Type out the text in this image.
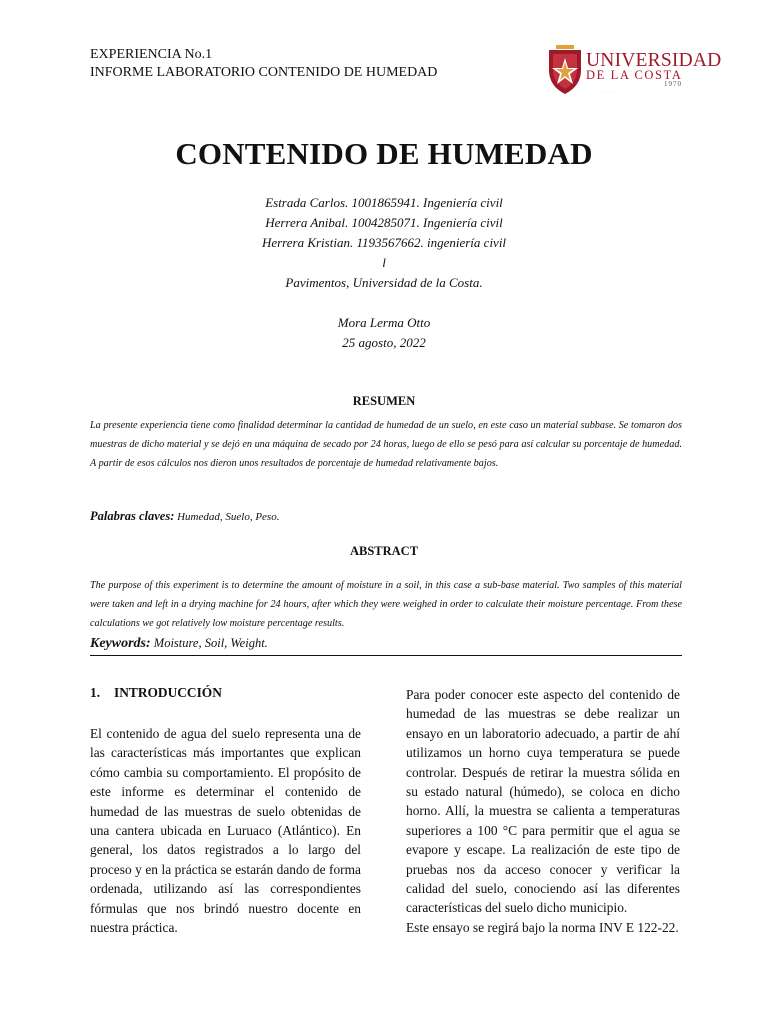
EXPERIENCIA No.1
INFORME LABORATORIO CONTENIDO DE HUMEDAD
UNIVERSIDAD
DE LA COSTA
1970
· · · · · · · · · · · · ·
CONTENIDO DE HUMEDAD
Estrada Carlos. 1001865941. Ingeniería civil
Herrera Anibal. 1004285071. Ingeniería civil
Herrera Kristian. 1193567662. ingeniería civil
l
Pavimentos, Universidad de la Costa.
Mora Lerma Otto
25 agosto, 2022
RESUMEN
La presente experiencia tiene como finalidad determinar la cantidad de humedad de un suelo, en este caso un material subbase. Se tomaron dos muestras de dicho material y se dejó en una máquina de secado por 24 horas, luego de ello se pesó para así calcular su porcentaje de humedad. A partir de esos cálculos nos dieron unos resultados de porcentaje de humedad relativamente bajos.
Palabras claves: Humedad, Suelo, Peso.
ABSTRACT
The purpose of this experiment is to determine the amount of moisture in a soil, in this case a sub-base material. Two samples of this material were taken and left in a drying machine for 24 hours, after which they were weighed in order to calculate their moisture percentage. From these calculations we got relatively low moisture percentage results.
Keywords: Moisture, Soil, Weight.
1. INTRODUCCIÓN
El contenido de agua del suelo representa una de las características más importantes que explican cómo cambia su comportamiento. El propósito de este informe es determinar el contenido de humedad de las muestras de suelo obtenidas de una cantera ubicada en Luruaco (Atlántico). En general, los datos registrados a lo largo del proceso y en la práctica se estarán dando de forma ordenada, utilizando así las correspondientes fórmulas que nos brindó nuestro docente en nuestra práctica.
Para poder conocer este aspecto del contenido de humedad de las muestras se debe realizar un ensayo en un laboratorio adecuado, a partir de ahí utilizamos un horno cuya temperatura se puede controlar. Después de retirar la muestra sólida en su estado natural (húmedo), se coloca en dicho horno. Allí, la muestra se calienta a temperaturas superiores a 100 °C para permitir que el agua se evapore y escape. La realización de este tipo de pruebas nos da acceso conocer y verificar la calidad del suelo, conociendo así las diferentes características del suelo dicho municipio.
Este ensayo se regirá bajo la norma INV E 122-22.
